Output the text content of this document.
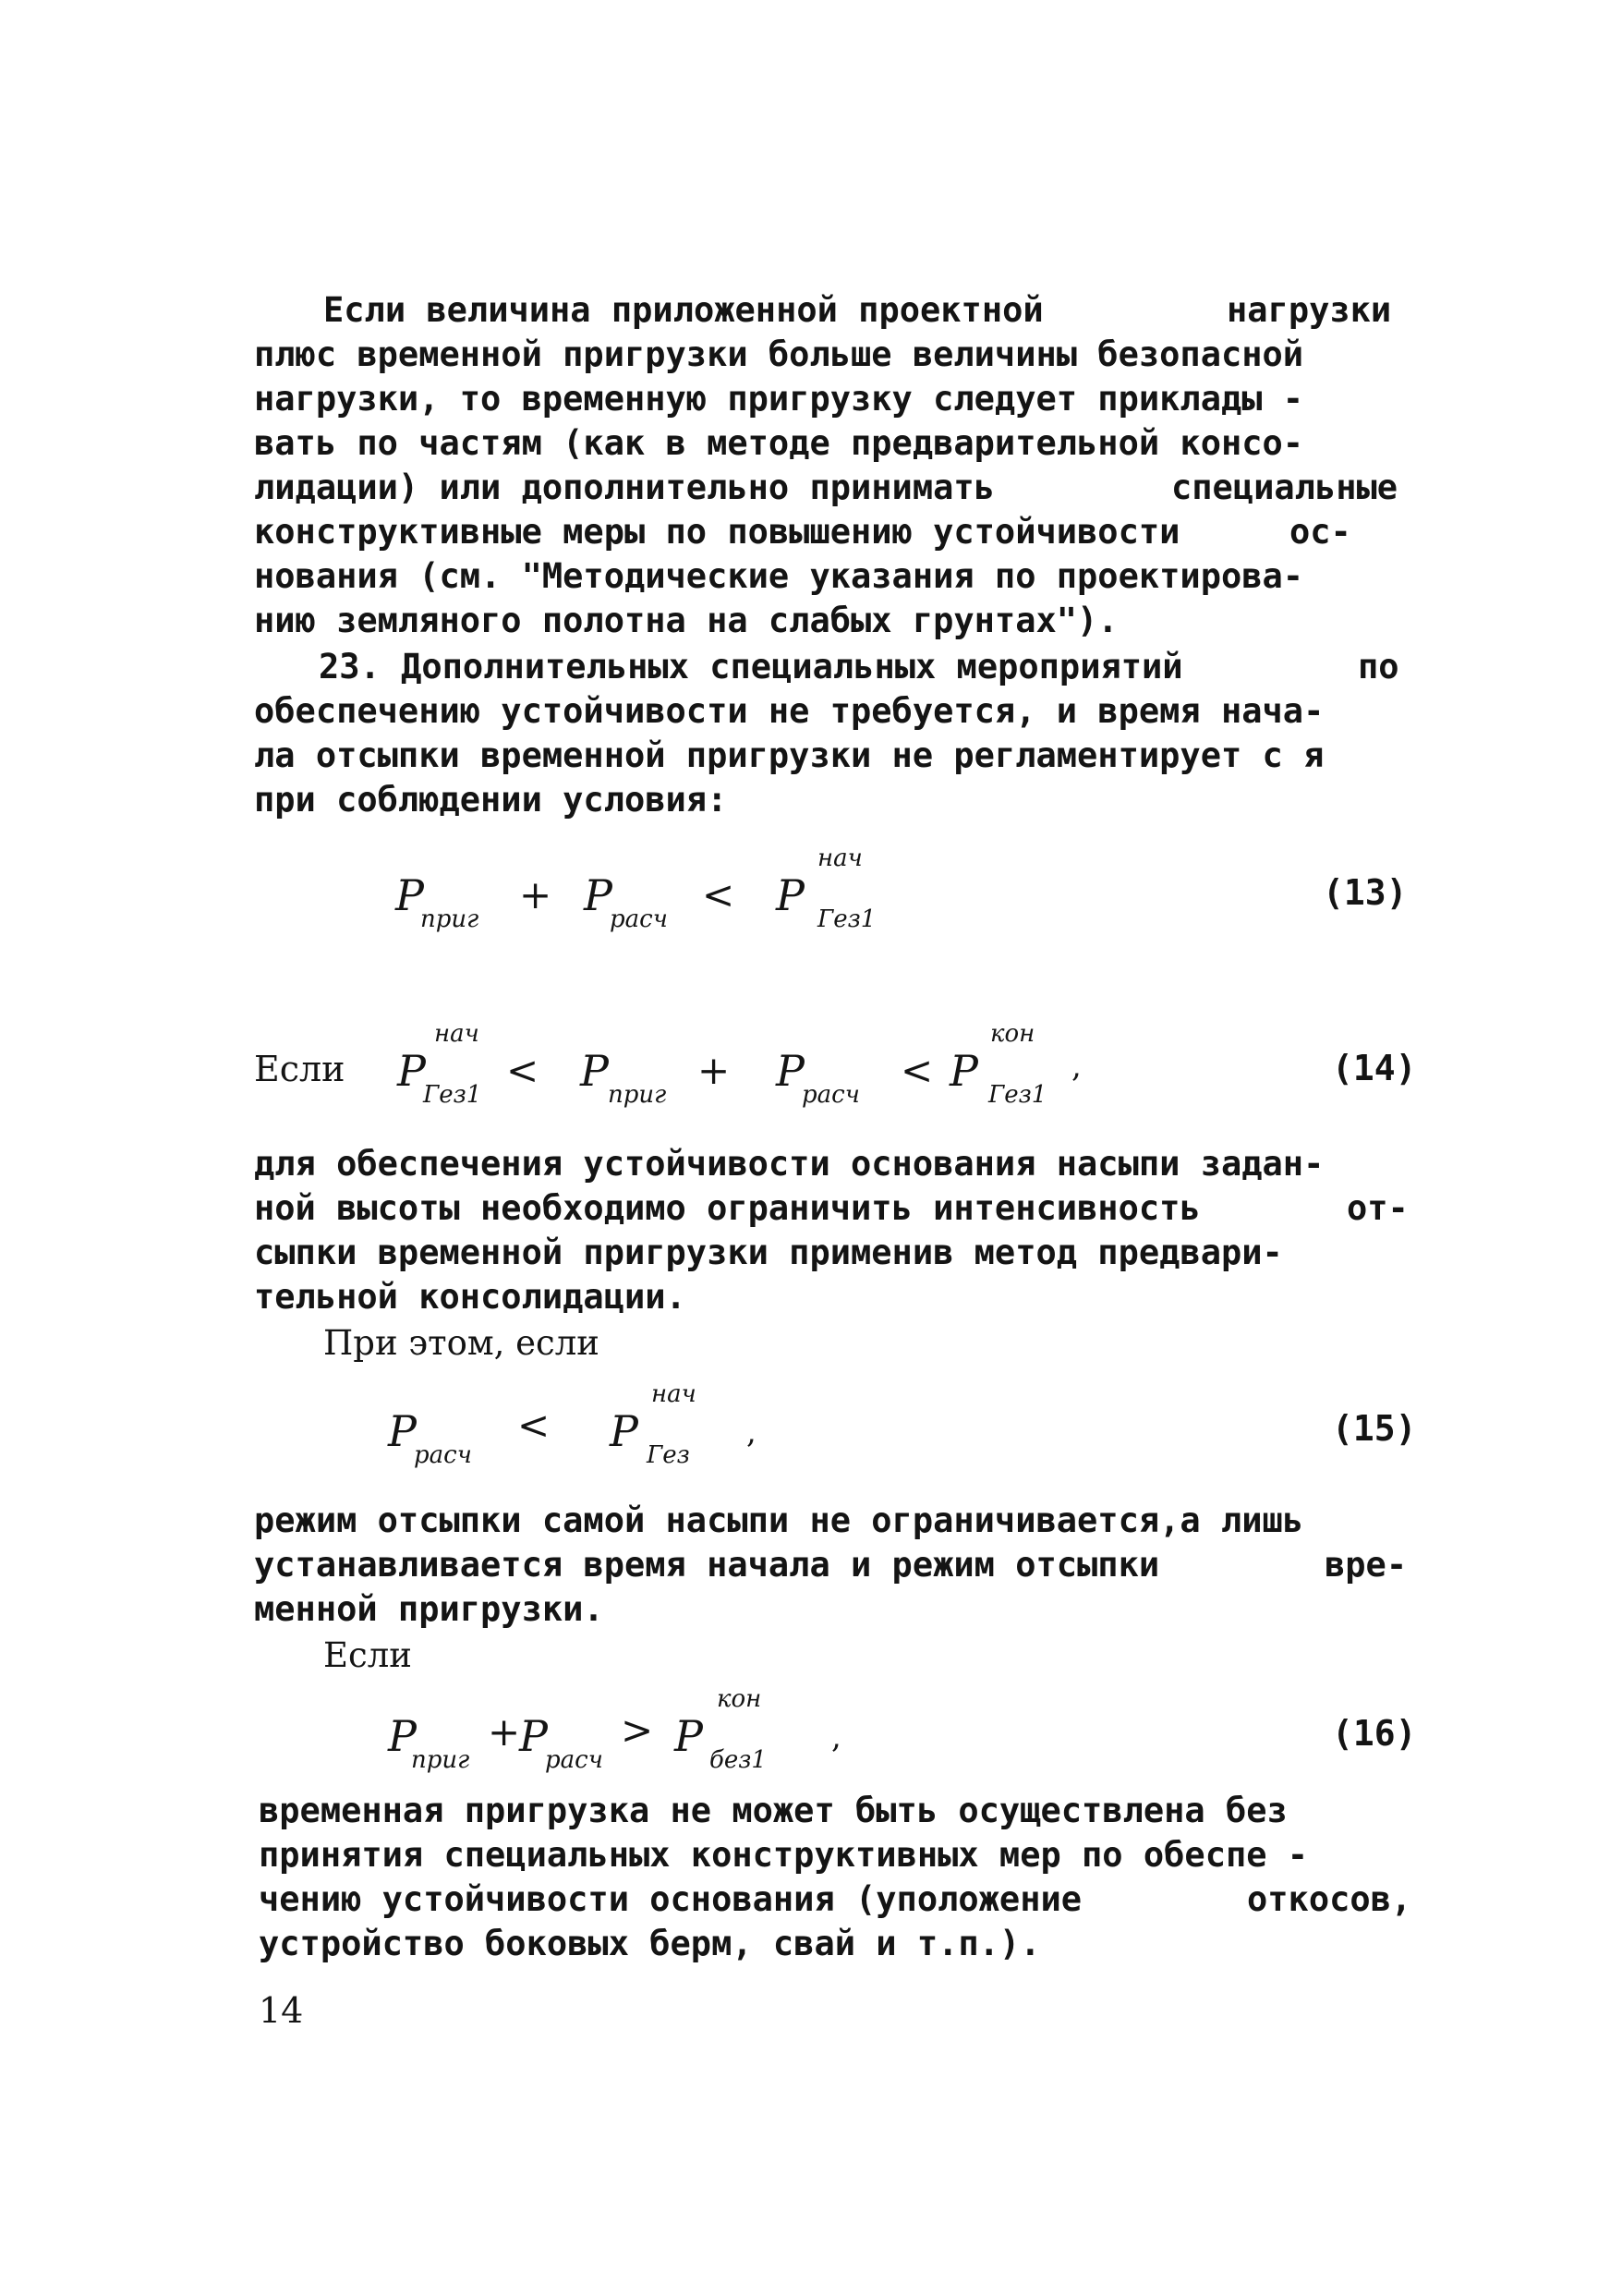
Если величина приложенной проектной	нагрузки
плюс временной пригрузки больше величины безопасной
нагрузки, то временную пригрузку следует приклады -
вать по частям (как в методе предварительной консо-
лидации) или дополнительно принимать	специальные
конструктивные меры по повышению устойчивости	ос-
нования (см. "Методические указания по проектирова-
нию земляного полотна на слабых грунтах").
23. Дополнительных специальных мероприятий	по
обеспечению устойчивости не требуется, и время нача-
ла отсыпки временной пригрузки не регламентирует с я
при соблюдении условия:
Р
приг
+ Р
расч
< Р
нач
Гез1
(13)
Если Р
нач
Гез1
< Р приг
+ Р
расч
< Р
кон
Гез1
,	(14)
для обеспечения устойчивости основания насыпи задан-
ной высоты необходимо ограничить интенсивность	от-
сыпки временной пригрузки применив метод предвари-
тельной консолидации.
При этом, если
Р
расч
< Р
нач
Гез
,	(15)
режим отсыпки самой насыпи не ограничивается,а лишь
устанавливается время начала и режим отсыпки	вре-
менной пригрузки.
Если
Р
приг
+
Р
расч
> Р
кон
без1
,	(16)
временная пригрузка не может быть осуществлена без
принятия специальных конструктивных мер по обеспе -
чению устойчивости основания (уположение	откосов,
устройство боковых берм, свай и т.п.).
14
